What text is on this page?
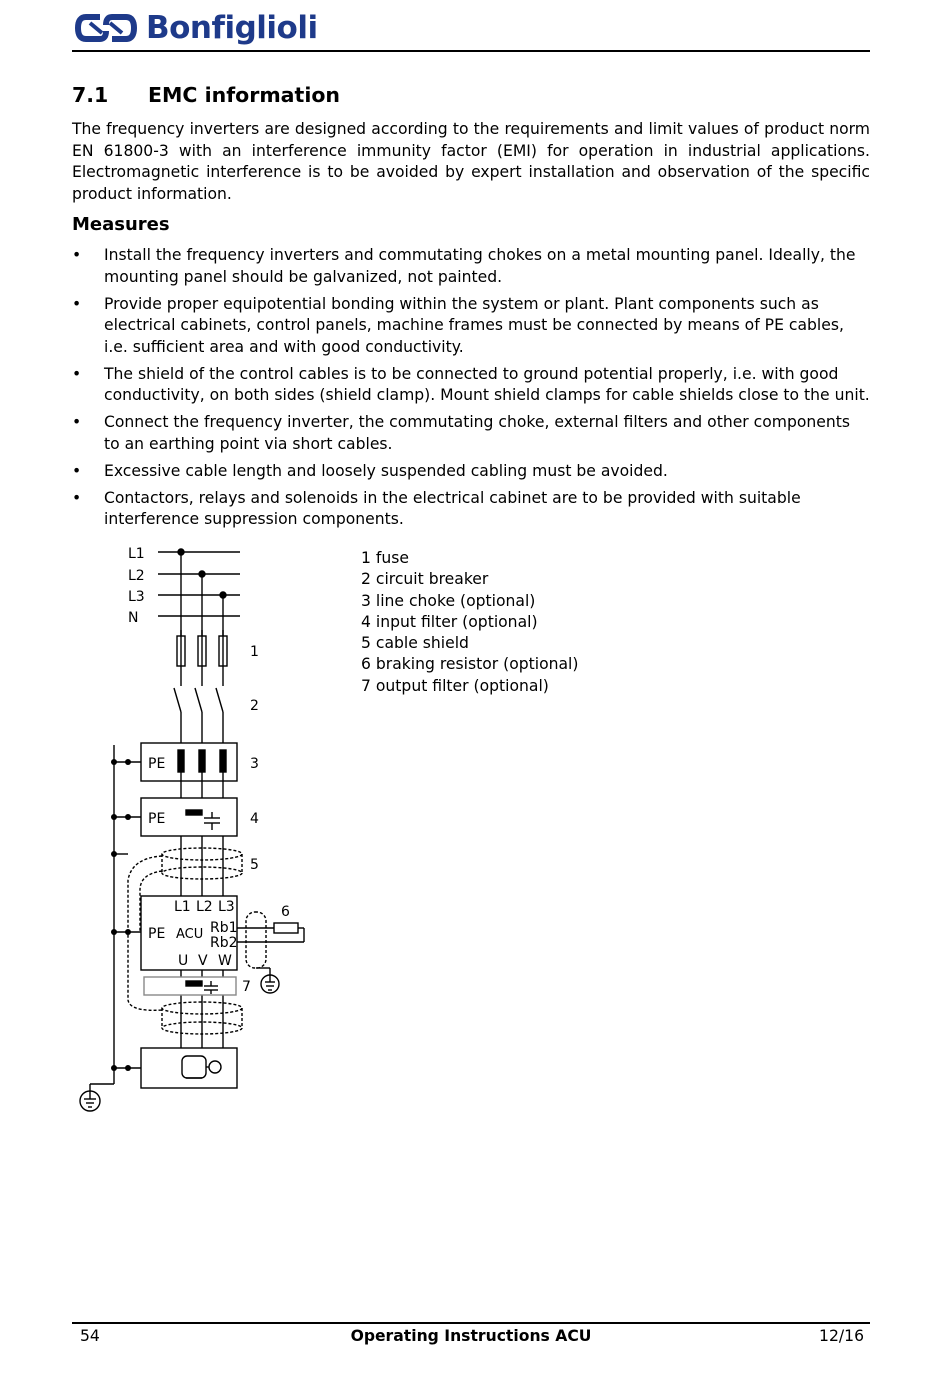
Bonfiglioli
7.1 EMC information

The frequency inverters are designed according to the requirements and limit values of product norm EN 61800-3 with an interference immunity factor (EMI) for operation in industrial applications. Electromagnetic interference is to be avoided by expert installation and observation of the specific product information.

Measures
• Install the frequency inverters and commutating chokes on a metal mounting panel. Ideally, the mounting panel should be galvanized, not painted.
• Provide proper equipotential bonding within the system or plant. Plant components such as electrical cabinets, control panels, machine frames must be connected by means of PE cables, i.e. sufficient area and with good conductivity.
• The shield of the control cables is to be connected to ground potential properly, i.e. with good conductivity, on both sides (shield clamp). Mount shield clamps for cable shields close to the unit.
• Connect the frequency inverter, the commutating choke, external filters and other components to an earthing point via short cables.
• Excessive cable length and loosely suspended cabling must be avoided.
• Contactors, relays and solenoids in the electrical cabinet are to be provided with suitable interference suppression components.
1 fuse
2 circuit breaker
3 line choke (optional)
4 input filter (optional)
5 cable shield
6 braking resistor (optional)
7 output filter (optional)
L1
L2
L3
N
L1 L2 L3
PE ACU Rb1
Rb2
U V W
PE
PE
1
2
3
4
5
6
7
54	Operating Instructions ACU	12/16
